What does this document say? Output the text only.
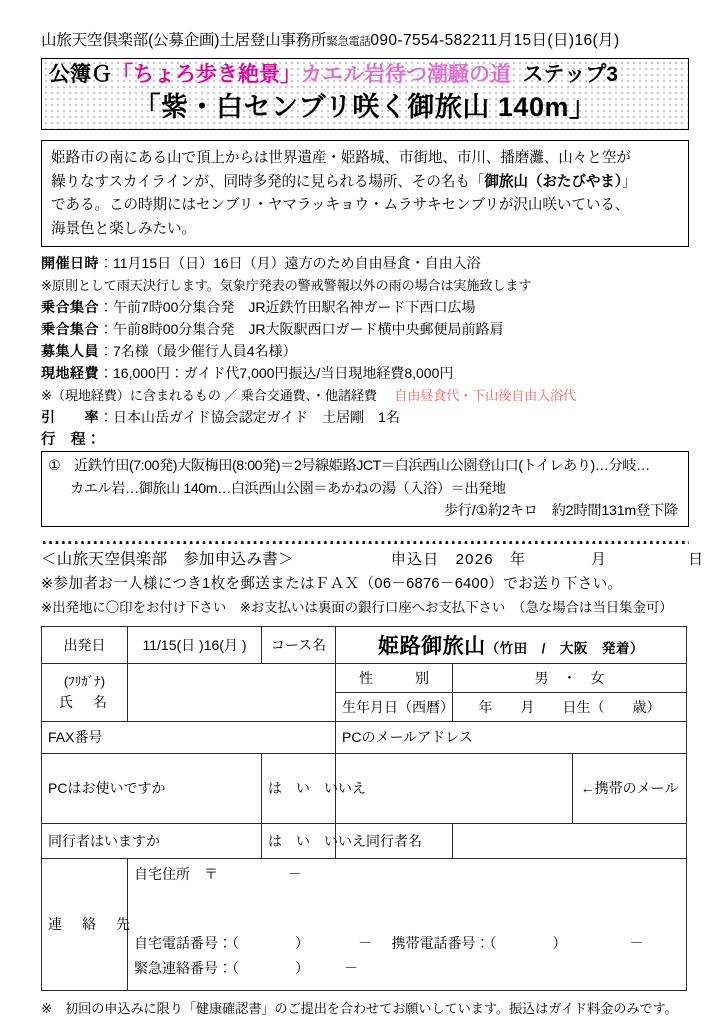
山旅天空倶楽部(公募企画)土居登山事務所緊急電話090-7554-582211月15日(日)16(月)
公簿Ｇ「ちょろ歩き絶景」カエル岩待つ潮騒の道 ステップ3
「紫・白センブリ咲く御旅山 140m」
姫路市の南にある山で頂上からは世界遺産・姫路城、市街地、市川、播磨灘、山々と空が
繰りなすスカイラインが、同時多発的に見られる場所、その名も「御旅山（おたびやま）」
である。この時期にはセンブリ・ヤマラッキョウ・ムラサキセンブリが沢山咲いている、
海景色と楽しみたい。
開催日時：11月15日（日）16日（月）遠方のため自由昼食・自由入浴
※原則として雨天決行します。気象庁発表の警戒警報以外の雨の場合は実施致します
乗合集合：午前7時00分集合発　JR近鉄竹田駅名神ガード下西口広場
乗合集合：午前8時00分集合発　JR大阪駅西口ガード横中央郵便局前路肩
募集人員：7名様（最少催行人員4名様）
現地経費：16,000円：ガイド代7,000円振込/当日現地経費8,000円
※（現地経費）に含まれるもの ／ 乗合交通費、・他諸経費 自由昼食代・下山後自由入浴代
引　　率：日本山岳ガイド協会認定ガイド　土居剛　1名
行　程：
①　近鉄竹田(7:00発)大阪梅田(8:00発)＝2号線姫路JCT＝白浜西山公園登山口(トイレあり)…分岐…
カエル岩…御旅山 140m…白浜西山公園＝あかねの湯（入浴）＝出発地
歩行/①約2キロ　約2時間131m登下降
＜山旅天空倶楽部　参加申込み書＞	申込日　2026　年　　　　月　　　　　日
※参加者お一人様につき1枚を郵送またはＦＡＸ（06－6876－6400）でお送り下さい。
※出発地に〇印をお付け下さい　※お支払いは裏面の銀行口座へお支払下さい　（急な場合は当日集金可）
出発日	11/15(日 )16(月 )	コース名	姫路御旅山（竹田　/　大阪　発着）		

(ﾌﾘｶﾞﾅ)
氏　名			性　　　別	男　・　女	
			生年月日（西暦）	年　　月　　日生（　　歳）	
FAX番号			PCのメールアドレス		
PCはお使いですか		は　い　いいえ			←携帯のメール
同行者はいますか		は　い　いいえ	同行者名		
連　絡　先	自宅住所　〒　　　　　－
自宅電話番号：（　　　　）　　　　－ 携帯電話番号：（　　　　）　　　　　－
緊急連絡番号：（　　　　）　　　－				
※　初回の申込みに限り「健康確認書」のご提出を合わせてお願いしています。振込はガイド料金のみです。
